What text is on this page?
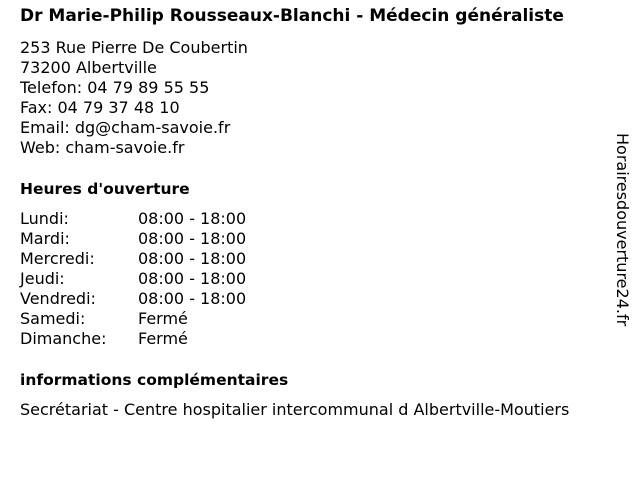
Dr Marie-Philip Rousseaux-Blanchi - Médecin généraliste
253 Rue Pierre De Coubertin
73200 Albertville
Telefon: 04 79 89 55 55
Fax: 04 79 37 48 10
Email: dg@cham-savoie.fr
Web: cham-savoie.fr
Heures d'ouverture
Lundi:	08:00 - 18:00
Mardi:	08:00 - 18:00
Mercredi:	08:00 - 18:00
Jeudi:	08:00 - 18:00
Vendredi:	08:00 - 18:00
Samedi:	Fermé
Dimanche:	Fermé
informations complémentaires
Secrétariat - Centre hospitalier intercommunal d Albertville-Moutiers
Horairesdouverture24.fr
